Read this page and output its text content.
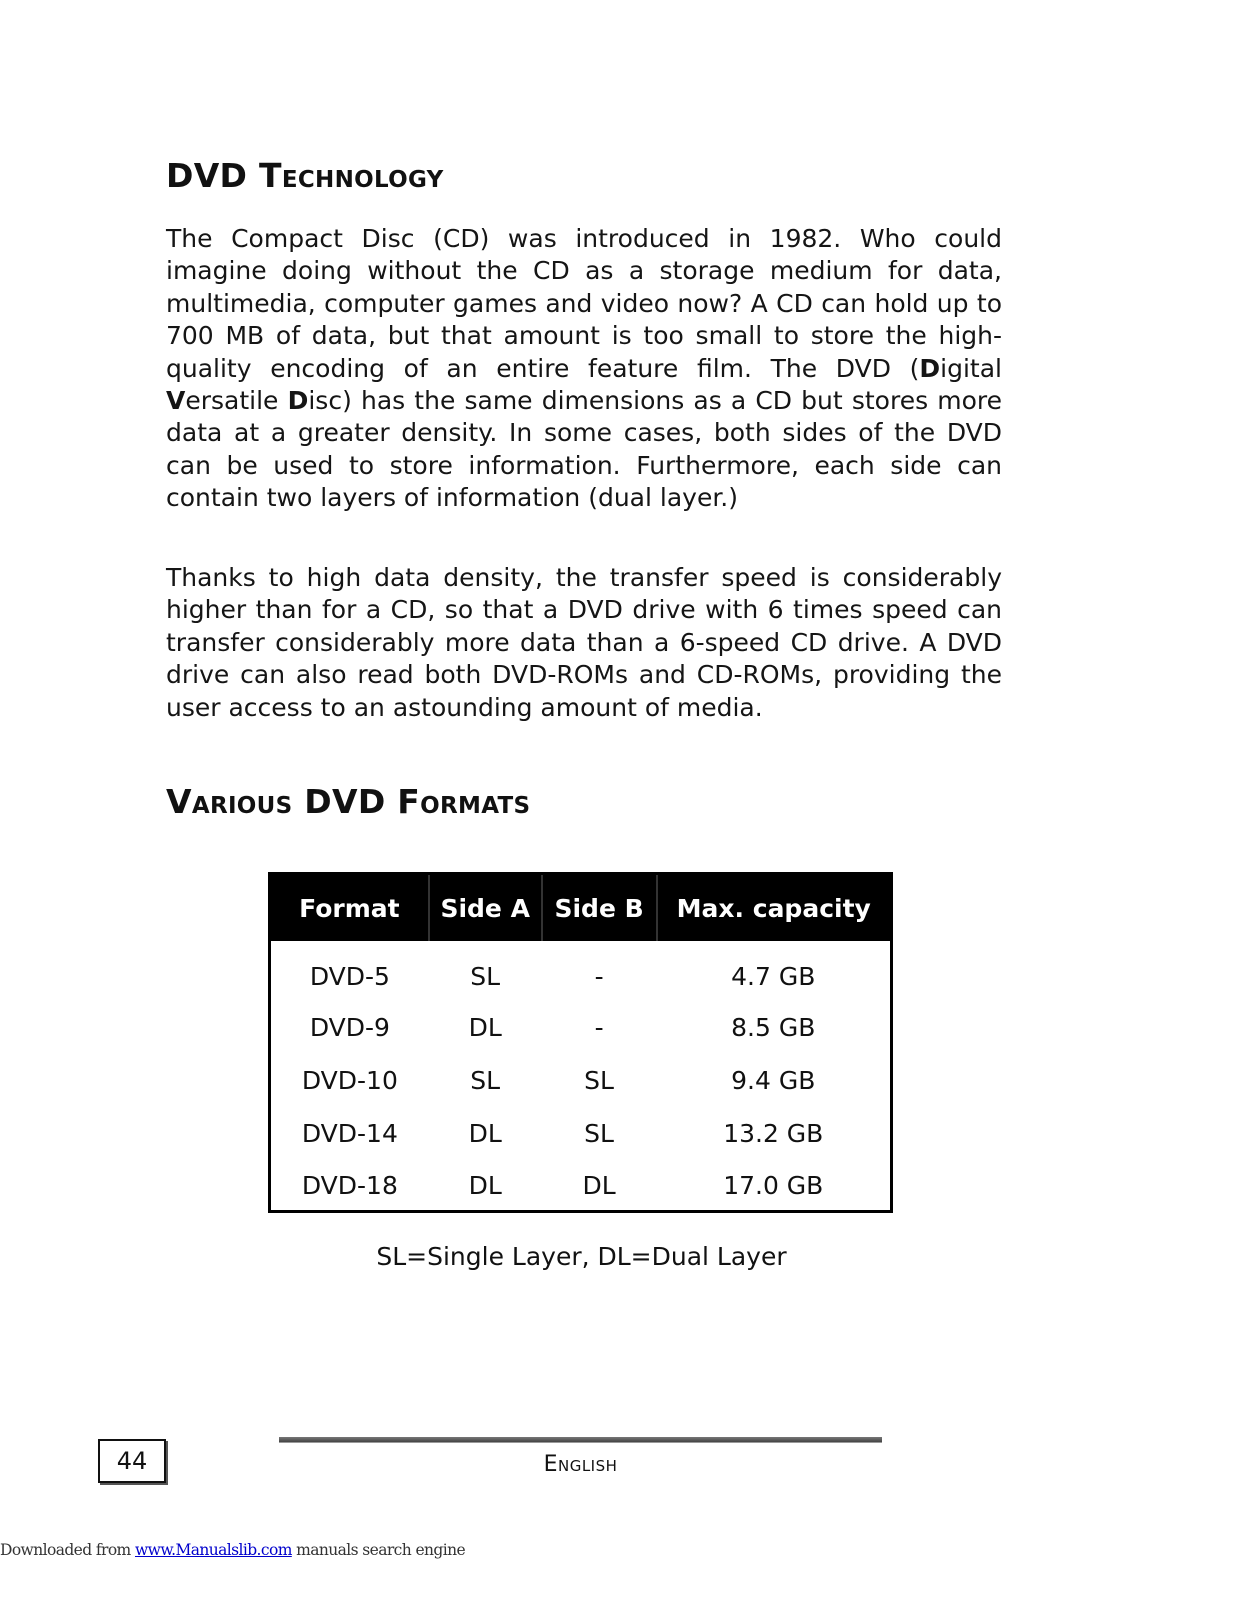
DVD Technology

The Compact Disc (CD) was introduced in 1982. Who could imagine doing without the CD as a storage medium for data, multimedia, computer games and video now? A CD can hold up to 700 MB of data, but that amount is too small to store the high-quality encoding of an entire feature film. The DVD (Digital Versatile Disc) has the same dimensions as a CD but stores more data at a greater density. In some cases, both sides of the DVD can be used to store information. Furthermore, each side can contain two layers of information (dual layer.)

Thanks to high data density, the transfer speed is considerably higher than for a CD, so that a DVD drive with 6 times speed can transfer considerably more data than a 6-speed CD drive. A DVD drive can also read both DVD-ROMs and CD-ROMs, providing the user access to an astounding amount of media.

Various DVD Formats
Format	Side A	Side B	Max. capacity
DVD-5	SL	-	4.7 GB
DVD-9	DL	-	8.5 GB
DVD-10	SL	SL	9.4 GB
DVD-14	DL	SL	13.2 GB
DVD-18	DL	DL	17.0 GB
SL=Single Layer, DL=Dual Layer
44	English
Downloaded from www.Manualslib.com manuals search engine
